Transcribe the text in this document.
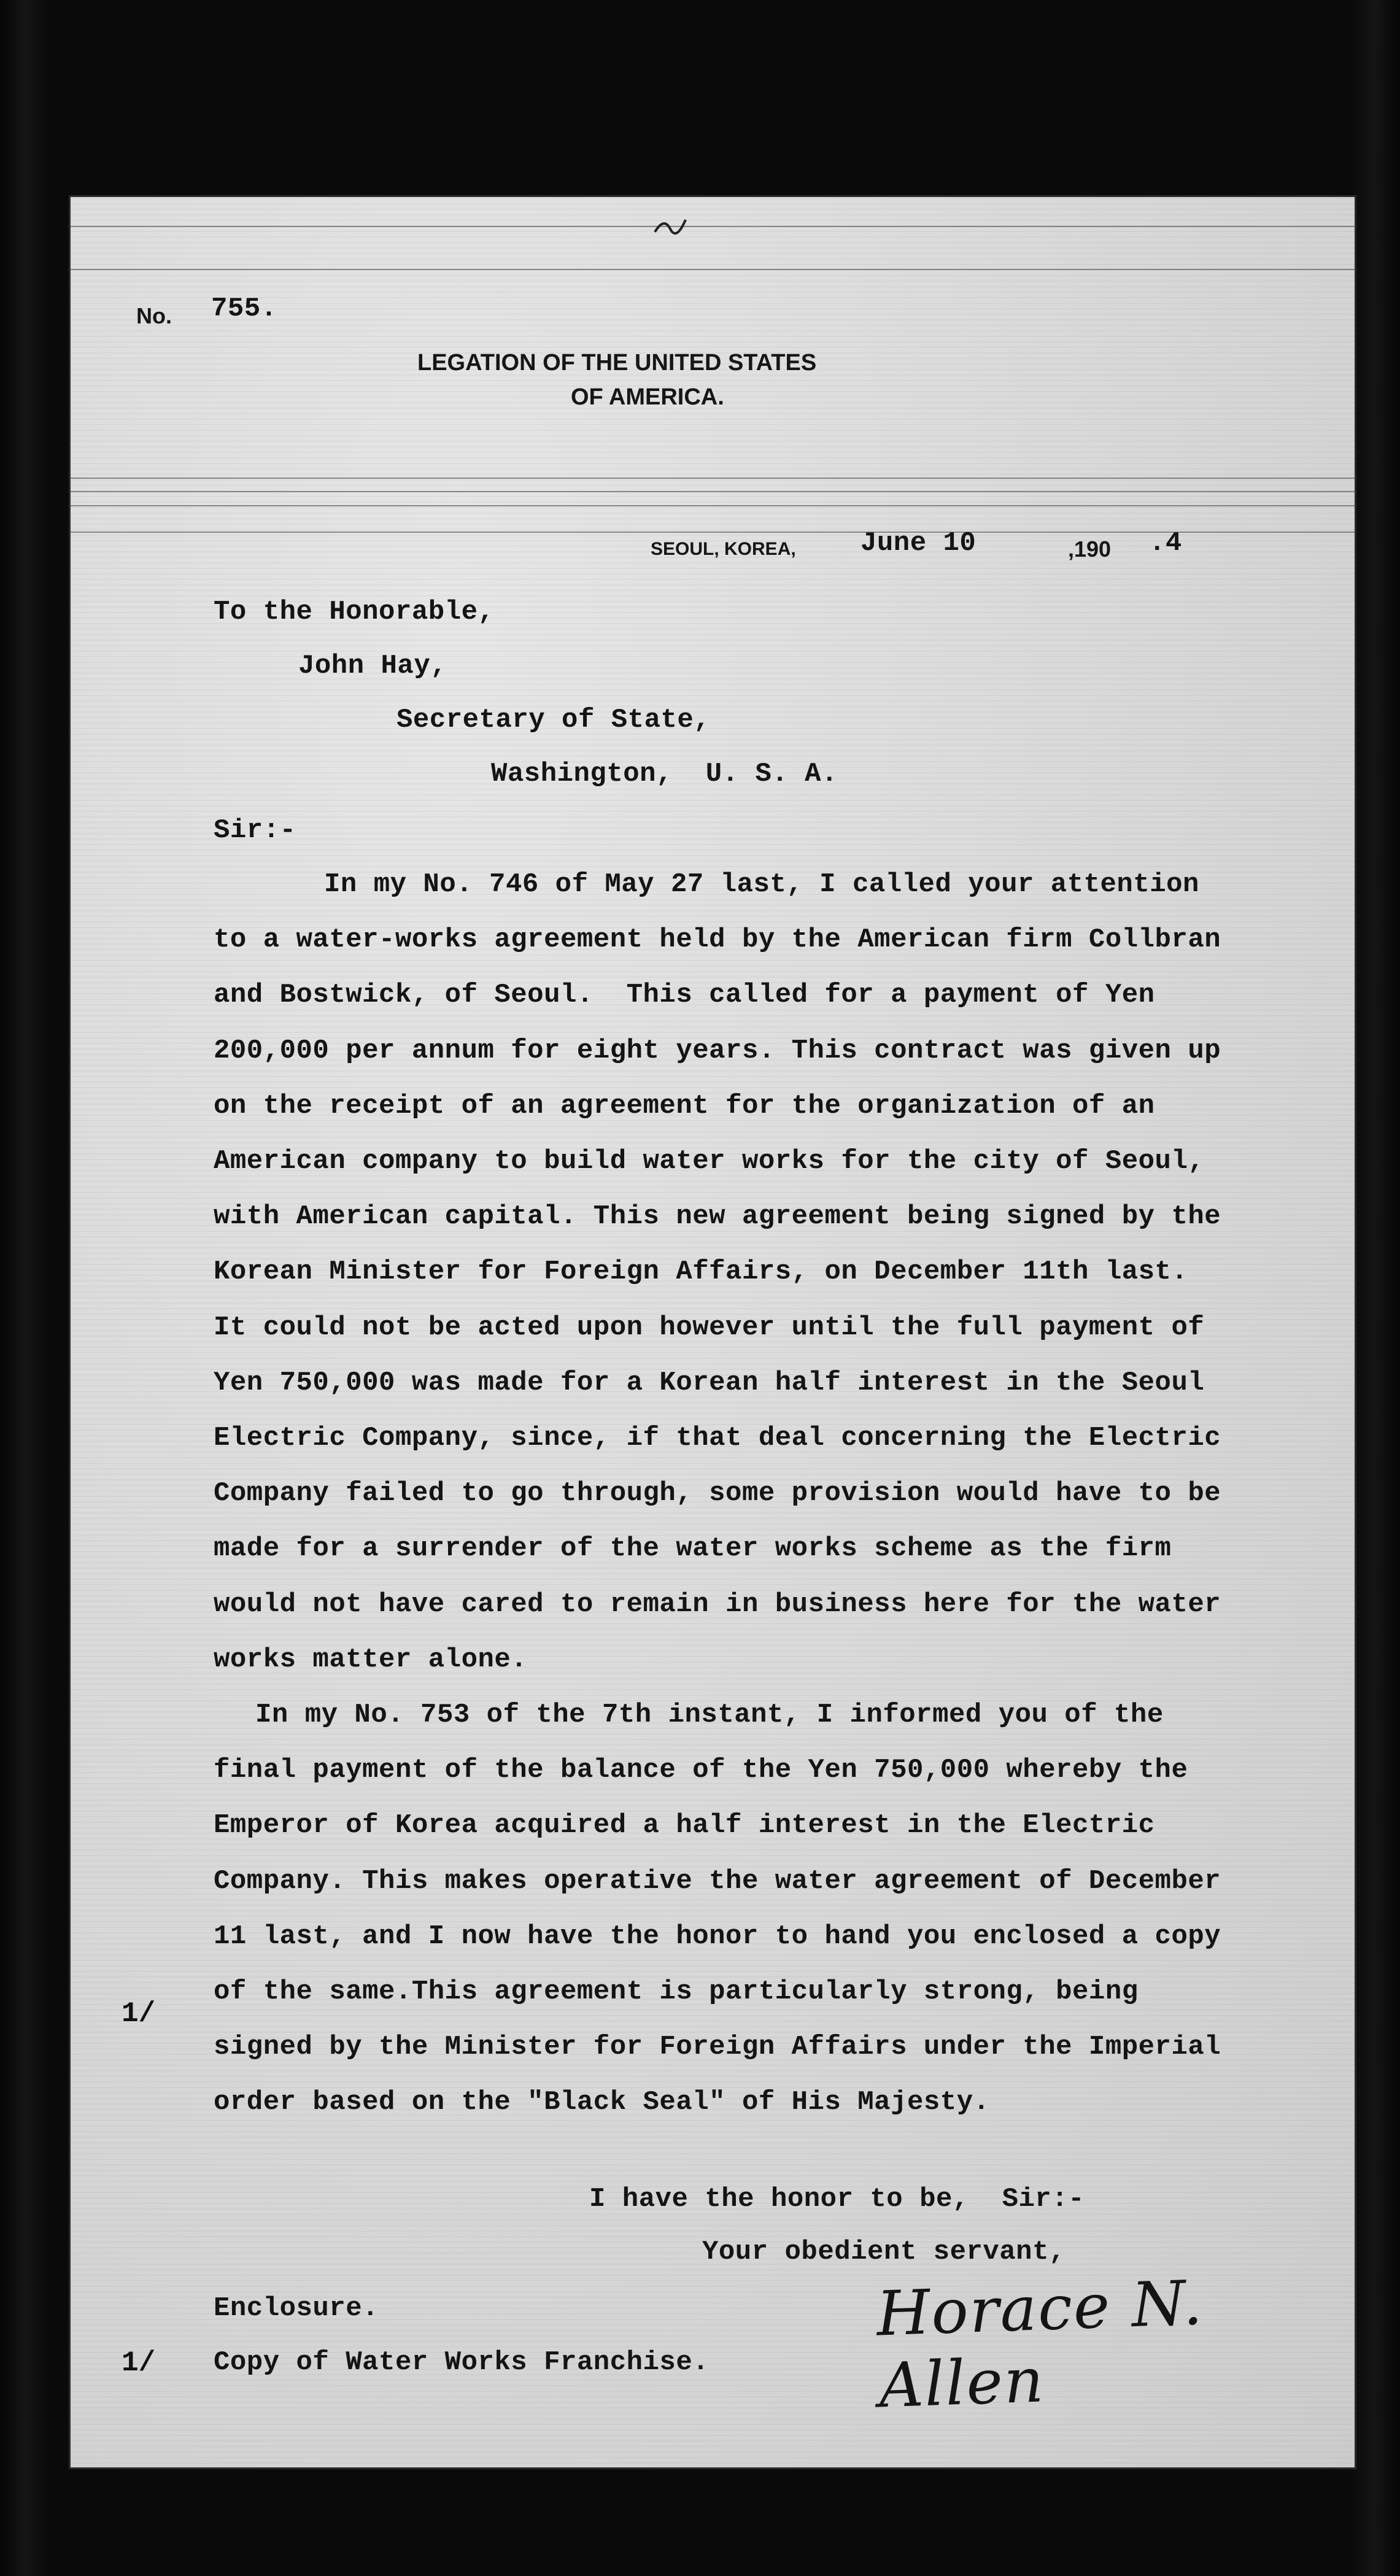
No. 755.
LEGATION OF THE UNITED STATES
OF AMERICA.
SEOUL, KOREA, June 10	,190 .4
To the Honorable,
John Hay,
Secretary of State,
Washington,  U. S. A.
Sir:-
In my No. 746 of May 27 last, I called your attention
to a water-works agreement held by the American firm Collbran
and Bostwick, of Seoul.  This called for a payment of Yen
200,000 per annum for eight years. This contract was given up
on the receipt of an agreement for the organization of an
American company to build water works for the city of Seoul,
with American capital. This new agreement being signed by the
Korean Minister for Foreign Affairs, on December 11th last.
It could not be acted upon however until the full payment of
Yen 750,000 was made for a Korean half interest in the Seoul
Electric Company, since, if that deal concerning the Electric
Company failed to go through, some provision would have to be
made for a surrender of the water works scheme as the firm
would not have cared to remain in business here for the water
works matter alone.
In my No. 753 of the 7th instant, I informed you of the
final payment of the balance of the Yen 750,000 whereby the
Emperor of Korea acquired a half interest in the Electric
Company. This makes operative the water agreement of December
11 last, and I now have the honor to hand you enclosed a copy
of the same.This agreement is particularly strong, being
signed by the Minister for Foreign Affairs under the Imperial
order based on the "Black Seal" of His Majesty.
1/
I have the honor to be,  Sir:-
Your obedient servant,
Enclosure.
1/ Copy of Water Works Franchise.
Horace N. Allen
